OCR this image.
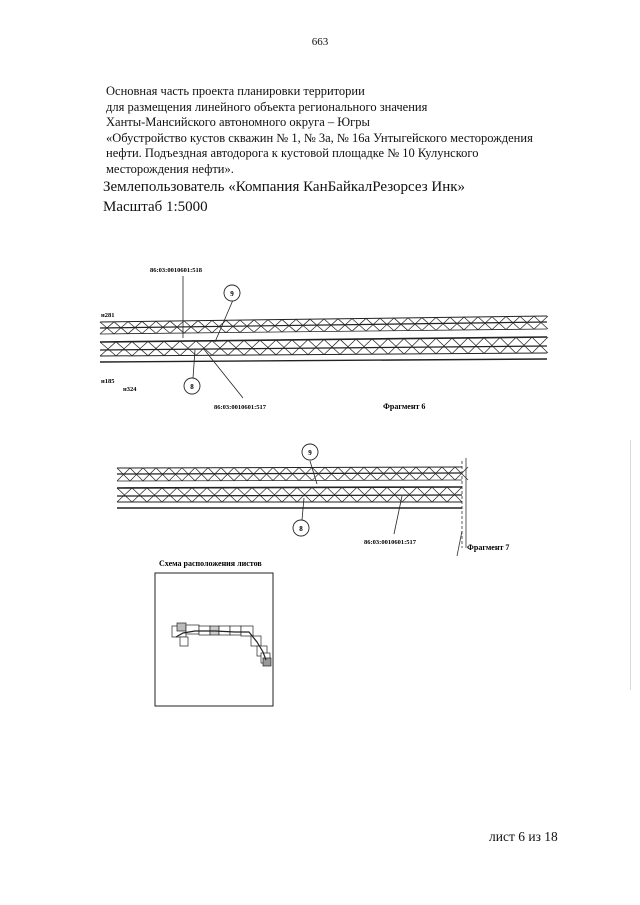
663
Основная часть проекта планировки территории
для размещения линейного объекта регионального значения
Ханты-Мансийского автономного округа – Югры
«Обустройство кустов скважин № 1, № 3а, № 16а Унтыгейского месторождения
нефти. Подъездная автодорога к кустовой площадке № 10 Кулунского
месторождения нефти».
Землепользователь «Компания КанБайкалРезорсез Инк»
Масштаб 1:5000
86:03:0010601:518
9
8
н281
н185
н324
86:03:0010601:517	Фрагмент 6
9
8
86:03:0010601:517
Фрагмент 7
Схема расположения листов
лист 6 из 18
